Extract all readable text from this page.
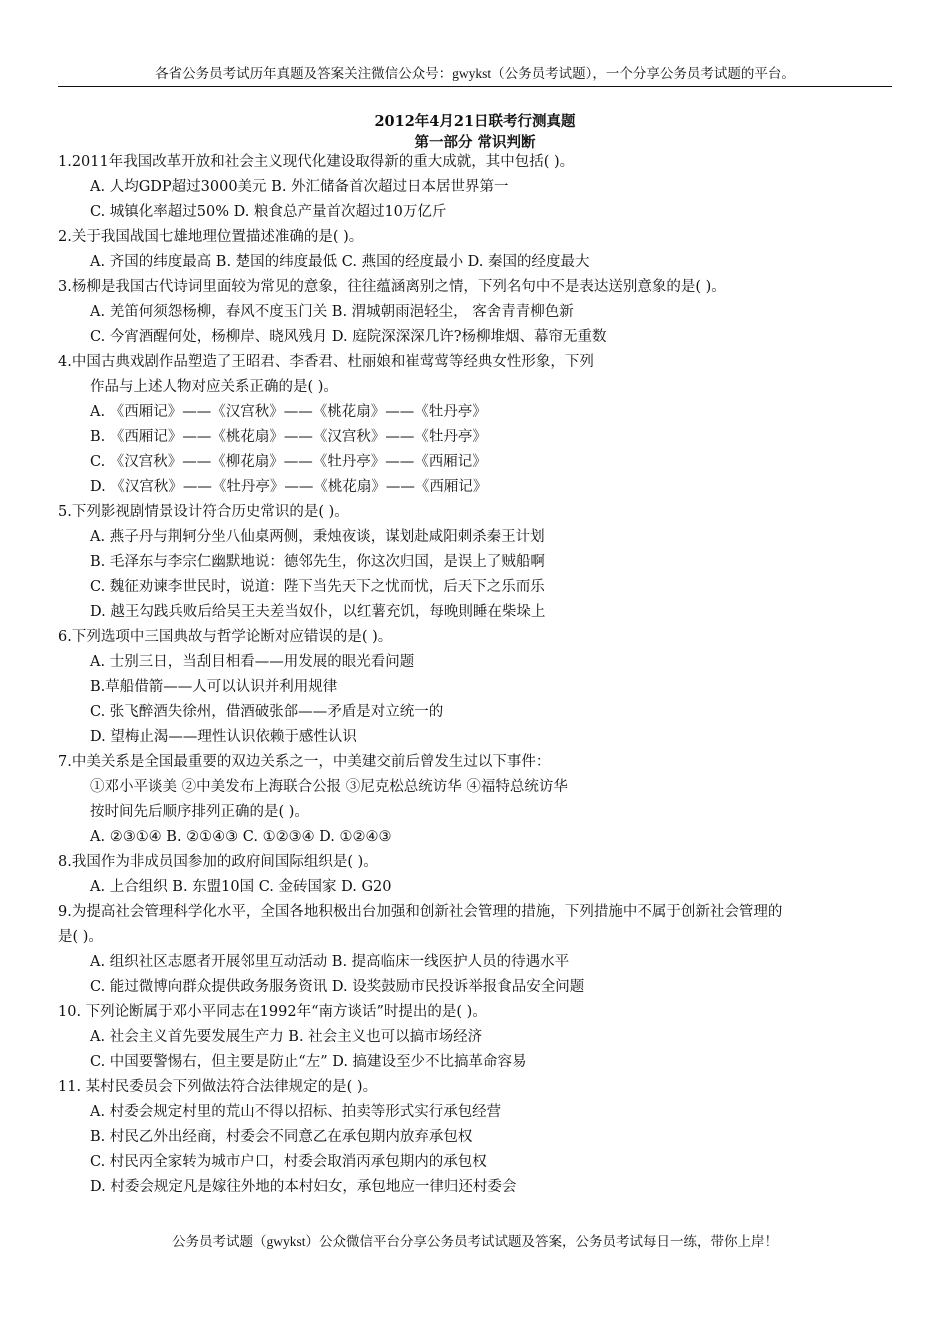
各省公务员考试历年真题及答案关注微信公众号：gwykst（公务员考试题），一个分享公务员考试题的平台。
2012年4月21日联考行测真题
第一部分 常识判断
1.2011年我国改革开放和社会主义现代化建设取得新的重大成就，其中包括( )。
A. 人均GDP超过3000美元 B. 外汇储备首次超过日本居世界第一
C. 城镇化率超过50% D. 粮食总产量首次超过10万亿斤
2.关于我国战国七雄地理位置描述准确的是( )。
A. 齐国的纬度最高 B. 楚国的纬度最低 C. 燕国的经度最小 D. 秦国的经度最大
3.杨柳是我国古代诗词里面较为常见的意象，往往蕴涵离别之情，下列名句中不是表达送别意象的是( )。
A. 羌笛何须怨杨柳，春风不度玉门关 B. 渭城朝雨浥轻尘， 客舍青青柳色新
C. 今宵酒醒何处，杨柳岸、晓风残月 D. 庭院深深深几许?杨柳堆烟、幕帘无重数
4.中国古典戏剧作品塑造了王昭君、李香君、杜丽娘和崔莺莺等经典女性形象，下列
作品与上述人物对应关系正确的是( )。
A. 《西厢记》——《汉宫秋》——《桃花扇》——《牡丹亭》
B. 《西厢记》——《桃花扇》——《汉宫秋》——《牡丹亭》
C. 《汉宫秋》——《柳花扇》——《牡丹亭》——《西厢记》
D. 《汉宫秋》——《牡丹亭》——《桃花扇》——《西厢记》
5.下列影视剧情景设计符合历史常识的是( )。
A. 燕子丹与荆轲分坐八仙桌两侧，秉烛夜谈，谋划赴咸阳刺杀秦王计划
B. 毛泽东与李宗仁幽默地说：德邻先生，你这次归国，是误上了贼船啊
C. 魏征劝谏李世民时，说道：陛下当先天下之忧而忧，后天下之乐而乐
D. 越王勾践兵败后给吴王夫差当奴仆，以红薯充饥，每晚則睡在柴垛上
6.下列选项中三国典故与哲学论断对应错误的是( )。
A. 士别三日，当刮目相看——用发展的眼光看问题
B.草船借箭——人可以认识并利用规律
C. 张飞醉酒失徐州，借酒破张郃——矛盾是对立统一的
D. 望梅止渴——理性认识依赖于感性认识
7.中美关系是全国最重要的双边关系之一，中美建交前后曾发生过以下事件：
①邓小平谈美 ②中美发布上海联合公报 ③尼克松总统访华 ④福特总统访华
按时间先后顺序排列正确的是( )。
A. ②③①④ B. ②①④③ C. ①②③④ D. ①②④③
8.我国作为非成员国参加的政府间国际组织是( )。
A. 上合组织 B. 东盟10国 C. 金砖国家 D. G20
9.为提高社会管理科学化水平，全国各地积极出台加强和创新社会管理的措施，下列措施中不属于创新社会管理的
是( )。
A. 组织社区志愿者开展邻里互动活动 B. 提高临床一线医护人员的待遇水平
C. 能过微博向群众提供政务服务资讯 D. 设奖鼓励市民投诉举报食品安全问题
10. 下列论断属于邓小平同志在1992年“南方谈话”时提出的是( )。
A. 社会主义首先要发展生产力 B. 社会主义也可以搞市场经济
C. 中国要警惕右，但主要是防止“左” D. 搞建设至少不比搞革命容易
11. 某村民委员会下列做法符合法律规定的是( )。
A. 村委会规定村里的荒山不得以招标、拍卖等形式实行承包经营
B. 村民乙外出经商，村委会不同意乙在承包期内放弃承包权
C. 村民丙全家转为城市户口，村委会取消丙承包期内的承包权
D. 村委会规定凡是嫁往外地的本村妇女，承包地应一律归还村委会
公务员考试题（gwykst）公众微信平台分享公务员考试试题及答案，公务员考试每日一练，带你上岸！
